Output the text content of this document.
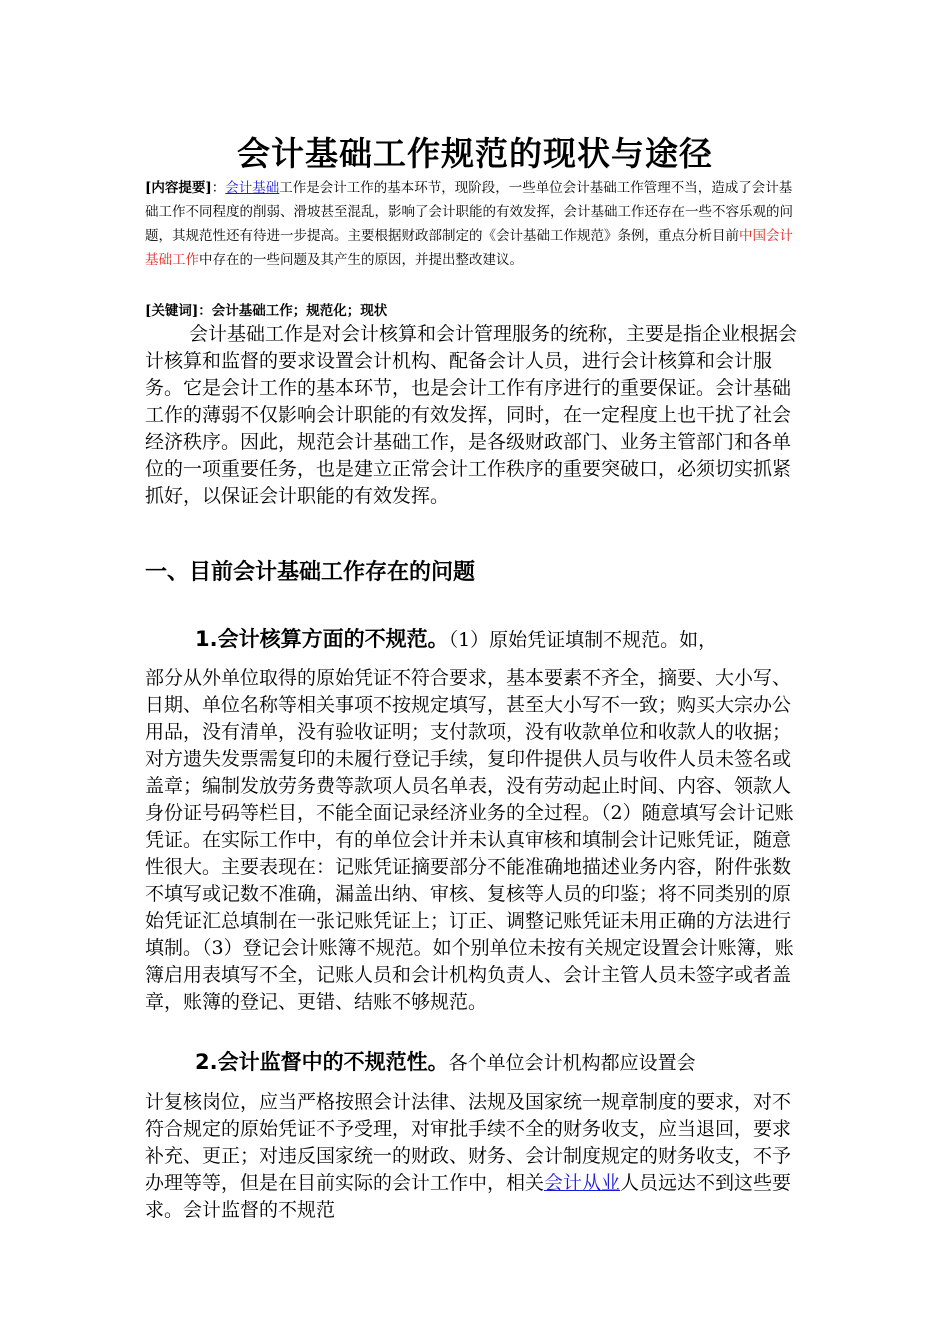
会计基础工作规范的现状与途径
[内容提要]：会计基础工作是会计工作的基本环节，现阶段，一些单位会计基础工作管理不当，造成了会计基础工作不同程度的削弱、滑坡甚至混乱，影响了会计职能的有效发挥，会计基础工作还存在一些不容乐观的问题，其规范性还有待进一步提高。主要根据财政部制定的《会计基础工作规范》条例，重点分析目前中国会计基础工作中存在的一些问题及其产生的原因，并提出整改建议。
[关键词]：会计基础工作；规范化；现状
会计基础工作是对会计核算和会计管理服务的统称，主要是指企业根据会计核算和监督的要求设置会计机构、配备会计人员，进行会计核算和会计服务。它是会计工作的基本环节，也是会计工作有序进行的重要保证。会计基础工作的薄弱不仅影响会计职能的有效发挥，同时，在一定程度上也干扰了社会经济秩序。因此，规范会计基础工作，是各级财政部门、业务主管部门和各单位的一项重要任务，也是建立正常会计工作秩序的重要突破口，必须切实抓紧抓好，以保证会计职能的有效发挥。
一、目前会计基础工作存在的问题
1.会计核算方面的不规范。（1）原始凭证填制不规范。如，
部分从外单位取得的原始凭证不符合要求，基本要素不齐全，摘要、大小写、日期、单位名称等相关事项不按规定填写，甚至大小写不一致；购买大宗办公用品，没有清单，没有验收证明；支付款项，没有收款单位和收款人的收据；对方遗失发票需复印的未履行登记手续，复印件提供人员与收件人员未签名或盖章；编制发放劳务费等款项人员名单表，没有劳动起止时间、内容、领款人身份证号码等栏目，不能全面记录经济业务的全过程。（2）随意填写会计记账凭证。在实际工作中，有的单位会计并未认真审核和填制会计记账凭证，随意性很大。主要表现在：记账凭证摘要部分不能准确地描述业务内容，附件张数不填写或记数不准确，漏盖出纳、审核、复核等人员的印鉴；将不同类别的原始凭证汇总填制在一张记账凭证上；订正、调整记账凭证未用正确的方法进行填制。（3）登记会计账簿不规范。如个别单位未按有关规定设置会计账簿，账簿启用表填写不全，记账人员和会计机构负责人、会计主管人员未签字或者盖章，账簿的登记、更错、结账不够规范。
2.会计监督中的不规范性。各个单位会计机构都应设置会
计复核岗位，应当严格按照会计法律、法规及国家统一规章制度的要求，对不符合规定的原始凭证不予受理，对审批手续不全的财务收支，应当退回，要求补充、更正；对违反国家统一的财政、财务、会计制度规定的财务收支，不予办理等等，但是在目前实际的会计工作中，相关会计从业人员远达不到这些要求。会计监督的不规范
